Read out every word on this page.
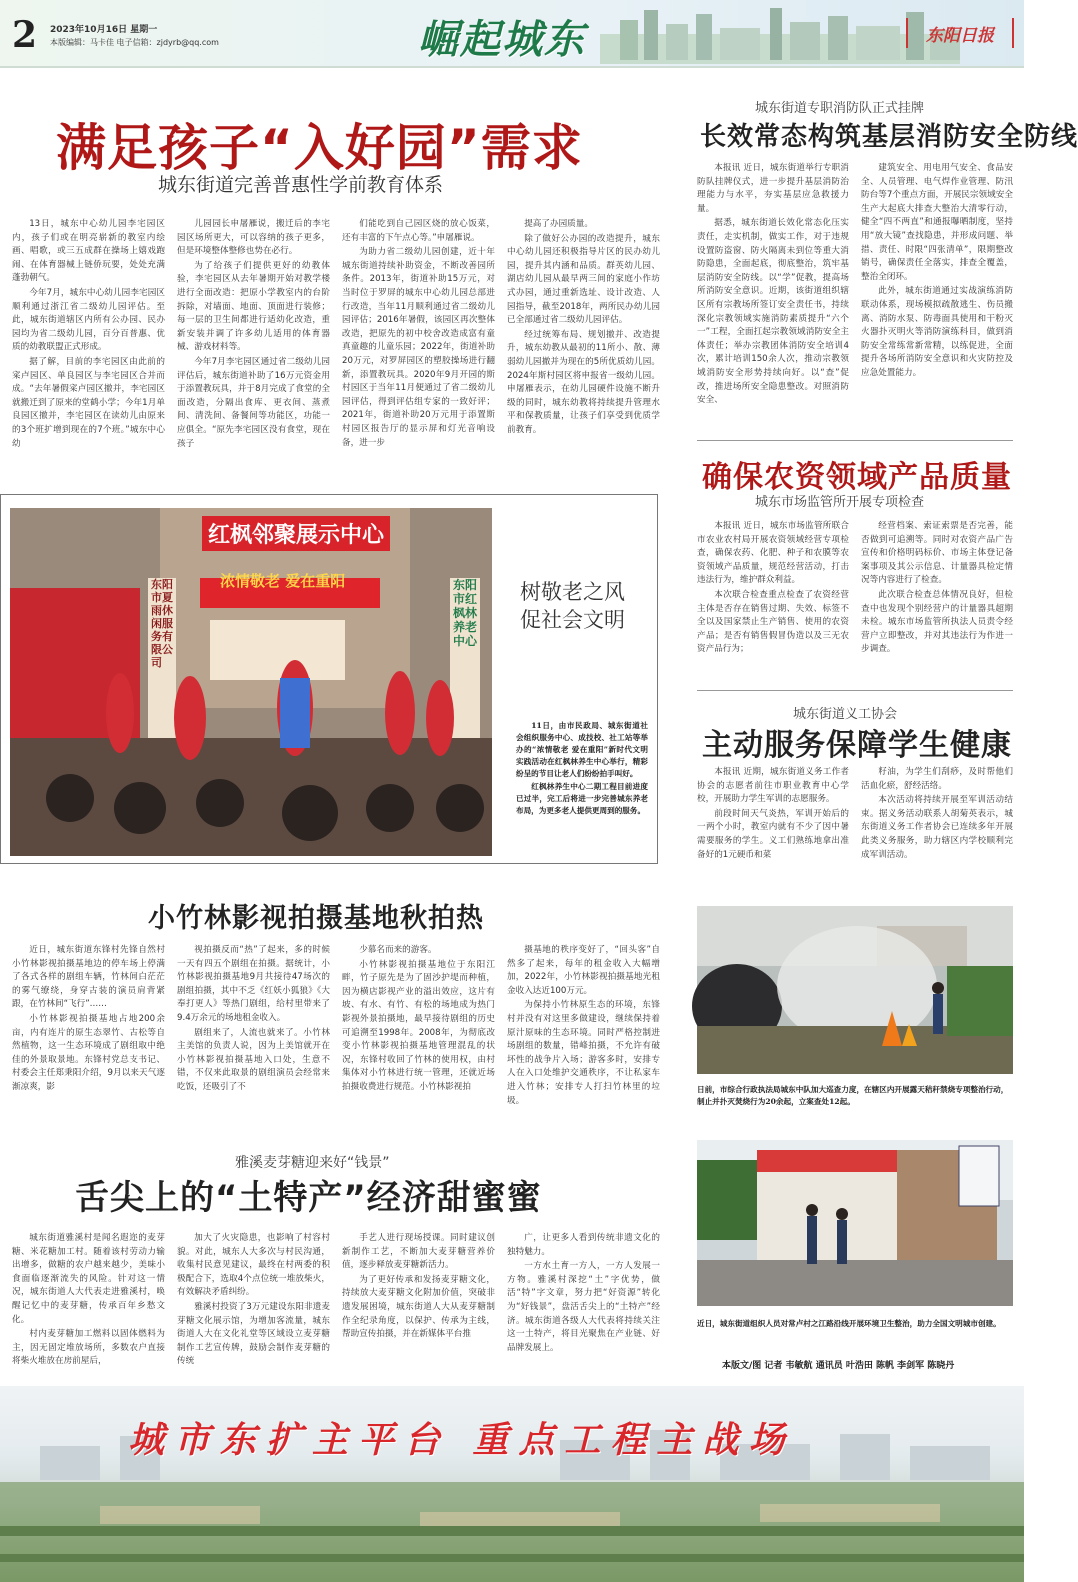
2 2023年10月16日 星期一
本版编辑：马卡佳 电子信箱：zjdyrb@qq.com	崛起城东	东阳日报
满足孩子“入好园”需求
城东街道完善普惠性学前教育体系

13日，城东中心幼儿园李宅园区内，孩子们或在明亮崭新的教室内绘画、唱歌，或三五成群在操场上嬉戏跑闹、在体育器械上链侨玩要，处处充满蓬勃朝气。

今年7月，城东中心幼儿园李宅园区顺利通过浙江省二级幼儿园评估。至此，城东街道辖区内所有公办园、民办园均为省二级幼儿园，百分百普惠、优质的幼教联盟正式形成。

据了解，目前的李宅园区由此前的寀卢园区、单良园区与李宅园区合并而成。“去年暑假寀卢园区撤并，李宅园区就搬迁到了原来的堂鹤小学；今年1月单良园区撤并，李宅园区在读幼儿由原来的3个班扩增到现在的7个班。”城东中心幼

儿园园长申屠雁说，搬迁后的李宅园区场所更大，可以容纳的孩子更多，但是环境整体整修也势在必行。

为了给孩子们提供更好的幼教体验，李宅园区从去年暑期开始对教学楼进行全面改造：把原小学教室内的台阶拆除，对墙面、地面、顶面进行装修；每一层的卫生间都进行适幼化改造，重新安装并调了许多幼儿适用的体育器械、游戏材料等。

今年7月李宅园区通过省二级幼儿园评估后，城东街道补助了16万元资金用于添置教玩具，并于8月完成了食堂的全面改造，分隔出食库、更衣间、蒸煮间、清洗间、备餐间等功能区，功能一应俱全。“原先李宅园区没有食堂，现在孩子

们能吃到自己园区烧的放心饭菜，还有丰富的下午点心等。”申屠雁说。

为助力省二级幼儿园创建，近十年城东街道持续补助资金，不断改善园所条件。2013年，街道补助15万元，对当时位于罗屏的城东中心幼儿园总部进行改造，当年11月顺利通过省二级幼儿园评估；2016年暑假，该园区再次整体改造，把原先的初中校舍改造成富有童真童趣的儿童乐园；2022年，街道补助20万元，对罗屏园区的塑胶操场进行翻新，添置教玩具。2020年9月开园的斯村园区于当年11月便通过了省二级幼儿园评估，得到评估组专家的一致好评；2021年，街道补助20万元用于添置斯村园区报告厅的显示屏和灯光音响设备，进一步

提高了办园质量。

除了做好公办园的改造提升，城东中心幼儿园还积极指导片区的民办幼儿园，提升其内涵和品质。群英幼儿园、湖店幼儿园从最早两三间的家庭小作坊式办园，通过重新选址、设计改造、人园指导，截至2018年，两所民办幼儿园已全部通过省二级幼儿园评估。

经过统筹布局、规划撤并、改造提升，城东幼教从最初的11所小、散、薄弱幼儿园撤并为现在的5所优质幼儿园。2024年斯村园区将申报省一级幼儿园。申屠雁表示，在幼儿园硬件设施不断升级的同时，城东幼教将持续提升管理水平和保教质量，让孩子们享受到优质学前教育。

城东街道专职消防队正式挂牌
长效常态构筑基层消防安全防线

本报讯 近日，城东街道举行专职消防队挂牌仪式，进一步提升基层消防治理能力与水平，夯实基层应急救援力量。

据悉，城东街道长效化常态化压实责任，走实机制，做实工作，对于违规设置防盗窗、防火隔离未到位等重大消防隐患，全面起底，彻底整治，筑牢基层消防安全防线。以“学”促教，提高场所消防安全意识。近期，该街道组织辖区所有宗教场所签订安全责任书，持续深化宗教领域实施消防素质提升“六个一”工程，全面扛起宗教领域消防安全主体责任；举办宗教团体消防安全培训4次，累计培训150余人次，推动宗教领域消防安全形势持续向好。以“查”促改，推进场所安全隐患整改。对照消防安全、

建筑安全、用电用气安全、食品安全、人员管理、电气焊作业管理、防汛防台等7个重点方面，开展民宗领域安全生产大起底大排查大整治大清零行动，健全“四不两直”和通报曝晒制度，坚持用“放大镜”查找隐患，并形成问题、举措、责任、时限“四张清单”，限期整改销号，确保责任全落实，排查全覆盖，整治全闭环。

此外，城东街道通过实战演练消防联动体系，现场模拟疏散逃生、伤员搬离、消防水泵、防毒面具使用和干粉灭火器扑灭明火等消防演练科目，做到消防安全常练常新常精，以练促进，全面提升各场所消防安全意识和火灾防控及应急处置能力。

确保农资领域产品质量
城东市场监管所开展专项检查

本报讯 近日，城东市场监管所联合市农业农村局开展农资领域经营专项检查，确保农药、化肥、种子和农膜等农资领域产品质量，规范经营活动，打击违法行为，维护群众利益。

本次联合检查重点检查了农资经营主体是否存在销售过期、失效、标签不全以及国家禁止生产销售、使用的农资产品；是否有销售假冒伪造以及三无农资产品行为；

经营档案、索证索票是否完善，能否做到可追溯等。同时对农资产品广告宣传和价格明码标价、市场主体登记备案事项及其公示信息、计量器具检定情况等内容进行了检查。

此次联合检查总体情况良好，但检查中也发现个别经营户的计量器具超期未检。城东市场监管所执法人员责令经营户立即整改，并对其违法行为作进一步调查。

城东街道义工协会
主动服务保障学生健康

本报讯 近期，城东街道义务工作者协会的志愿者前往市职业教育中心学校，开展助力学生军训的志愿服务。

前段时间天气炎热，军训开始后的一两个小时，教室内就有不少了因中暑需要服务的学生。义工们熟练地拿出准备好的1元硬币和菜

籽油，为学生们刮痧，及时帮他们活血化瘀，舒经活络。

本次活动将持续开展至军训活动结束。据义务活动联系人胡菊英表示，城东街道义务工作者协会已连续多年开展此类义务服务，助力辖区内学校顺利完成军训活动。

红枫邻聚展示中心
浓情敬老 爱在重阳
东阳市夏雨休闲服务有限公司
东阳市红枫林养老中心
树敬老之风
促社会文明

11日，由市民政局、城东街道社会组织服务中心、成技校、社工站等举办的“浓情敬老 爱在重阳”新时代文明实践活动在红枫林养生中心举行，精彩纷呈的节目让老人们纷纷拍手叫好。

红枫林养生中心二期工程目前进度已过半，完工后将进一步完善城东养老布局，为更多老人提供更周到的服务。

小竹林影视拍摄基地秋拍热

近日，城东街道东锋村先锋自然村小竹林影视拍摄基地边的停车场上停满了各式各样的剧组车辆，竹林间白茫茫的雾气缭绕，身穿古装的演员肩背紧跟，在竹林间“飞行”……

小竹林影视拍摄基地占地200余亩，内有连片的原生态翠竹、古松等自然植物，这一生态环境成了剧组取中绝佳的外景取景地。东锋村党总支书记、村委会主任郑秉阳介绍，9月以来天气逐渐凉爽，影

视拍摄反而“热”了起来，多的时候一天有四五个剧组在拍摄。据统计，小竹林影视拍摄基地9月共接待47场次的剧组拍摄，其中不乏《红妖小狐狼》《大奉打更人》等热门剧组，给村里带来了9.4万余元的场地租金收入。

剧组来了，人流也就来了。小竹林主美馆的负责人说，因为上美馆就开在小竹林影视拍摄基地入口处，生意不错，不仅来此取景的剧组演员会经常来吃饭，还吸引了不

少慕名而来的游客。

小竹林影视拍摄基地位于东阳江畔，竹子原先是为了固沙护堤而种植，因为横店影视产业的溢出效应，这片有坡、有水、有竹、有松的场地成为热门影视外景拍摄地，最早接待剧组的历史可追溯至1998年。2008年，为彻底改变小竹林影视拍摄基地管理混乱的状况，东锋村收回了竹林的使用权，由村集体对小竹林进行统一管理，还就近场拍摄收费进行规范。小竹林影视拍

摄基地的秩序变好了，“回头客”自然多了起来，每年的租金收入大幅增加，2022年，小竹林影视拍摄基地光租金收入达近100万元。

为保持小竹林原生态的环境，东锋村并没有对这里多做建设，继续保持着原汁原味的生态环境。同时严格控制进场剧组的数量，错峰拍摄，不允许有破坏性的战争片入场；游客多时，安排专人在入口处维护交通秩序，不让私家车进入竹林；安排专人打扫竹林里的垃圾。

日前，市综合行政执法局城东中队加大巡查力度，在辖区内开展露天秸秆禁烧专项整治行动，制止并扑灭焚烧行为20余起，立案查处12起。
雅溪麦芽糖迎来好“钱景”
舌尖上的“土特产”经济甜蜜蜜

城东街道雅溪村是闻名遐迩的麦芽糖、米花糖加工村。随着该村劳动力输出增多，做糖的农户越来越少，美味小食面临逐渐流失的风险。针对这一情况，城东街道人大代表走进雅溪村，唤醒记忆中的麦芽糖，传承百年乡愁文化。

村内麦芽糖加工燃料以固体燃料为主，因无固定堆放场所，多数农户直接将柴火堆放在房前屋后，

加大了火灾隐患，也影响了村容村貌。对此，城东人大多次与村民沟通，收集村民意见建议，最终在村两委的积极配合下，选取4个点位统一堆放柴火，有效解决矛盾纠纷。

雅溪村投资了3万元建设东阳非遗麦芽糖文化展示馆，为增加客流量，城东街道人大在文化礼堂等区域设立麦芽糖制作工艺宣传牌，鼓励会制作麦芽糖的传统

手艺人进行现场授课。同时建议创新制作工艺，不断加大麦芽糖营养价值，逐步释放麦芽糖新活力。

为了更好传承和发扬麦芽糖文化，持续放大麦芽糖文化附加价值，突破非遗发展困境，城东街道人大从麦芽糖制作全纪录角度，以保护、传承为主线，帮助宣传拍摄，并在新媒体平台推

广，让更多人看到传统非遗文化的独特魅力。

一方水土育一方人，一方人发展一方物。雅溪村深挖“土”字优势，做活“特”字文章，努力把“好资源”转化为“好钱景”，盘活舌尖上的“土特产”经济。城东街道各级人大代表将持续关注这一土特产，将目光聚焦在产业链、好品牌发展上。

近日，城东街道组织人员对常卢村之江路沿线开展环境卫生整治，助力全国文明城市创建。
本版文/图 记者 韦敏航 通讯员 叶浩田 陈帆 李剑军 陈晓丹
城市东扩主平台 重点工程主战场
